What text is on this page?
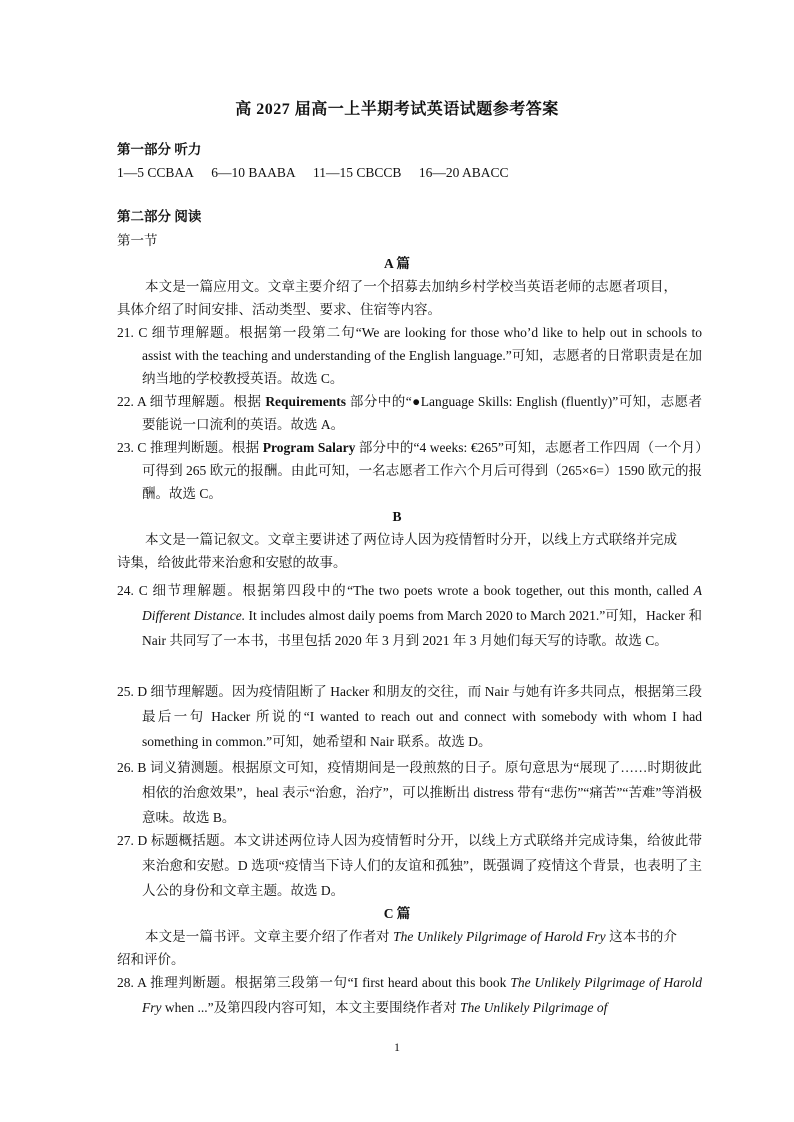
高 2027 届高一上半期考试英语试题参考答案
第一部分 听力
1—5 CCBAA 6—10 BAABA 11—15 CBCCB 16—20 ABACC
第二部分 阅读
第一节
A 篇
本文是一篇应用文。文章主要介绍了一个招募去加纳乡村学校当英语老师的志愿者项目，具体介绍了时间安排、活动类型、要求、住宿等内容。
21. C 细节理解题。根据第一段第二句“We are looking for those who’d like to help out in schools to assist with the teaching and understanding of the English language.”可知，志愿者的日常职责是在加纳当地的学校教授英语。故选 C。
22. A 细节理解题。根据 Requirements 部分中的“●Language Skills: English (fluently)”可知，志愿者要能说一口流利的英语。故选 A。
23. C 推理判断题。根据 Program Salary 部分中的“4 weeks: €265”可知，志愿者工作四周（一个月）可得到 265 欧元的报酬。由此可知，一名志愿者工作六个月后可得到（265×6=）1590 欧元的报酬。故选 C。
B
本文是一篇记叙文。文章主要讲述了两位诗人因为疫情暂时分开，以线上方式联络并完成诗集，给彼此带来治愈和安慰的故事。
24. C 细节理解题。根据第四段中的“The two poets wrote a book together, out this month, called A Different Distance. It includes almost daily poems from March 2020 to March 2021.”可知，Hacker 和 Nair 共同写了一本书，书里包括 2020 年 3 月到 2021 年 3 月她们每天写的诗歌。故选 C。
25. D 细节理解题。因为疫情阻断了 Hacker 和朋友的交往，而 Nair 与她有许多共同点，根据第三段最后一句 Hacker 所说的“I wanted to reach out and connect with somebody with whom I had something in common.”可知，她希望和 Nair 联系。故选 D。
26. B 词义猜测题。根据原文可知，疫情期间是一段煎熬的日子。原句意思为“展现了……时期彼此相依的治愈效果”，heal 表示“治愈，治疗”，可以推断出 distress 带有“悲伤”“痛苦”“苦难”等消极意味。故选 B。
27. D 标题概括题。本文讲述两位诗人因为疫情暂时分开，以线上方式联络并完成诗集，给彼此带来治愈和安慰。D 选项“疫情当下诗人们的友谊和孤独”，既强调了疫情这个背景，也表明了主人公的身份和文章主题。故选 D。
C 篇
本文是一篇书评。文章主要介绍了作者对 The Unlikely Pilgrimage of Harold Fry 这本书的介绍和评价。
28. A 推理判断题。根据第三段第一句“I first heard about this book The Unlikely Pilgrimage of Harold Fry when ...”及第四段内容可知，本文主要围绕作者对 The Unlikely Pilgrimage of
1
